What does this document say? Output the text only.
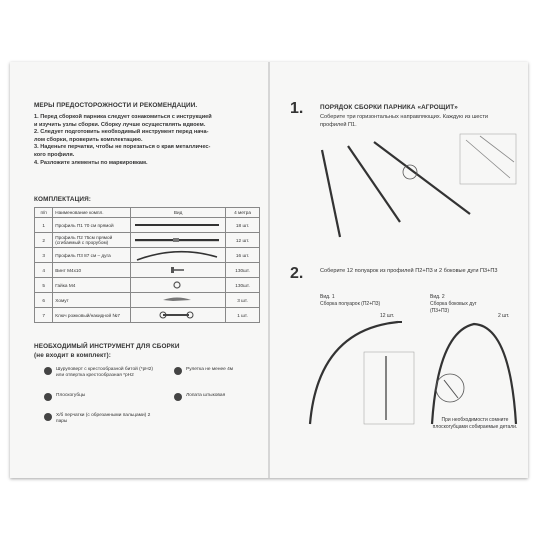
МЕРЫ ПРЕДОСТОРОЖНОСТИ И РЕКОМЕНДАЦИИ.
1. Перед сборкой парника следует ознакомиться с инструкцией
и изучить узлы сборки. Сборку лучше осуществлять вдвоем.
2. Следует подготовить необходимый инструмент перед нача-
лом сборки, проверить комплектацию.
3. Наденьте перчатки, чтобы не порезаться о края металличес-
кого профиля.
4. Разложите элементы по маркировкам.
КОМПЛЕКТАЦИЯ:
п/п	Наименование компл.	Вид	4 метра
1	Профиль П1 70 см прямой		18 шт.
2	Профиль П2 75см прямой (сгибаемый с прорубом)		12 шт.
3	Профиль П3 87 см – дуга		16 шт.
4	Винт М4х10		130шт.
5	Гайка М4		130шт.
6	Хомут		3 шт.
7	Ключ рожковый/накидной №7		1 шт.
НЕОБХОДИМЫЙ ИНСТРУМЕНТ ДЛЯ СБОРКИ
(не входит в комплект):
Шуруповерт с крестообразной битой (*рН2) или отвертка крестообразная *рН2
Рулетка не менее 4м
Плоскогубцы	Лопата штыковая
Х/б перчатки (с обрезанными пальцами) 2 пары
1.	ПОРЯДОК СБОРКИ ПАРНИКА «АГРОЩИТ»
Соберите три горизонтальных направляющих. Каждую из шести профилей П1.
2.	Соберите 12 полуарок из профилей П2+П3 и 2 боковые дуги П3+П3
Вид. 1
Сборка полуарок (П2+П3)
12 шт.
Вид. 2
Сборка боковых дуг (П3+П3)
2 шт.
При необходимости сомните плоскогубцами собираемые детали.
